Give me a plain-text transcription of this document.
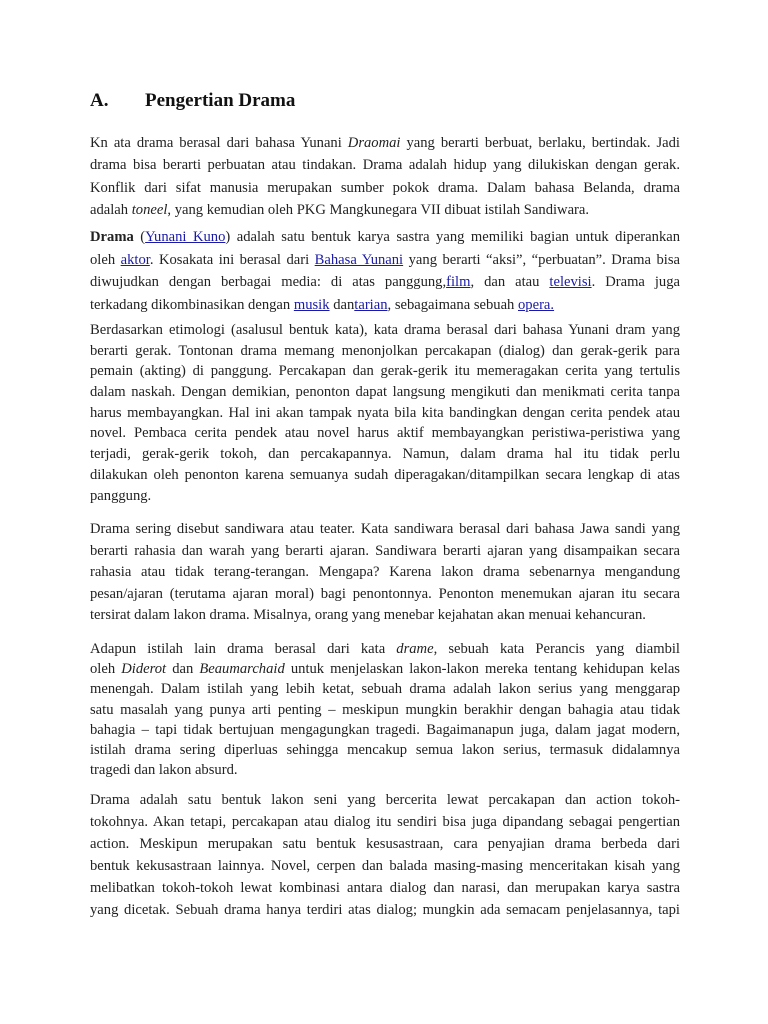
A. Pengertian Drama
Kn ata drama berasal dari bahasa Yunani Draomai yang berarti berbuat, berlaku, bertindak. Jadi
drama bisa berarti perbuatan atau tindakan. Drama adalah hidup yang dilukiskan dengan gerak.
Konflik dari sifat manusia merupakan sumber pokok drama. Dalam bahasa Belanda, drama
adalah toneel, yang kemudian oleh PKG Mangkunegara VII dibuat istilah Sandiwara.
Drama (Yunani Kuno) adalah satu bentuk karya sastra yang memiliki bagian untuk diperankan
oleh aktor. Kosakata ini berasal dari Bahasa Yunani yang berarti “aksi”, “perbuatan”. Drama bisa
diwujudkan dengan berbagai media: di atas panggung,film, dan atau televisi. Drama juga
terkadang dikombinasikan dengan musik dantarian, sebagaimana sebuah opera.
Berdasarkan etimologi (asalusul bentuk kata), kata drama berasal dari bahasa Yunani dram yang
berarti gerak. Tontonan drama memang menonjolkan percakapan (dialog) dan gerak-gerik para
pemain (akting) di panggung. Percakapan dan gerak-gerik itu memeragakan cerita yang tertulis
dalam naskah. Dengan demikian, penonton dapat langsung mengikuti dan menikmati cerita tanpa
harus membayangkan. Hal ini akan tampak nyata bila kita bandingkan dengan cerita pendek atau
novel. Pembaca cerita pendek atau novel harus aktif membayangkan peristiwa-peristiwa yang
terjadi, gerak-gerik tokoh, dan percakapannya. Namun, dalam drama hal itu tidak perlu
dilakukan oleh penonton karena semuanya sudah diperagakan/ditampilkan secara lengkap di atas
panggung.
Drama sering disebut sandiwara atau teater. Kata sandiwara berasal dari bahasa Jawa sandi yang
berarti rahasia dan warah yang berarti ajaran. Sandiwara berarti ajaran yang disampaikan secara
rahasia atau tidak terang-terangan. Mengapa? Karena lakon drama sebenarnya mengandung
pesan/ajaran (terutama ajaran moral) bagi penontonnya. Penonton menemukan ajaran itu secara
tersirat dalam lakon drama. Misalnya, orang yang menebar kejahatan akan menuai kehancuran.
Adapun istilah lain drama berasal dari kata drame, sebuah kata Perancis yang diambil
oleh Diderot dan Beaumarchaid untuk menjelaskan lakon-lakon mereka tentang kehidupan kelas
menengah. Dalam istilah yang lebih ketat, sebuah drama adalah lakon serius yang menggarap
satu masalah yang punya arti penting – meskipun mungkin berakhir dengan bahagia atau tidak
bahagia – tapi tidak bertujuan mengagungkan tragedi. Bagaimanapun juga, dalam jagat modern,
istilah drama sering diperluas sehingga mencakup semua lakon serius, termasuk didalamnya
tragedi dan lakon absurd.
Drama adalah satu bentuk lakon seni yang bercerita lewat percakapan dan action tokoh-
tokohnya. Akan tetapi, percakapan atau dialog itu sendiri bisa juga dipandang sebagai pengertian
action. Meskipun merupakan satu bentuk kesusastraan, cara penyajian drama berbeda dari
bentuk kekusastraan lainnya. Novel, cerpen dan balada masing-masing menceritakan kisah yang
melibatkan tokoh-tokoh lewat kombinasi antara dialog dan narasi, dan merupakan karya sastra
yang dicetak. Sebuah drama hanya terdiri atas dialog; mungkin ada semacam penjelasannya, tapi
